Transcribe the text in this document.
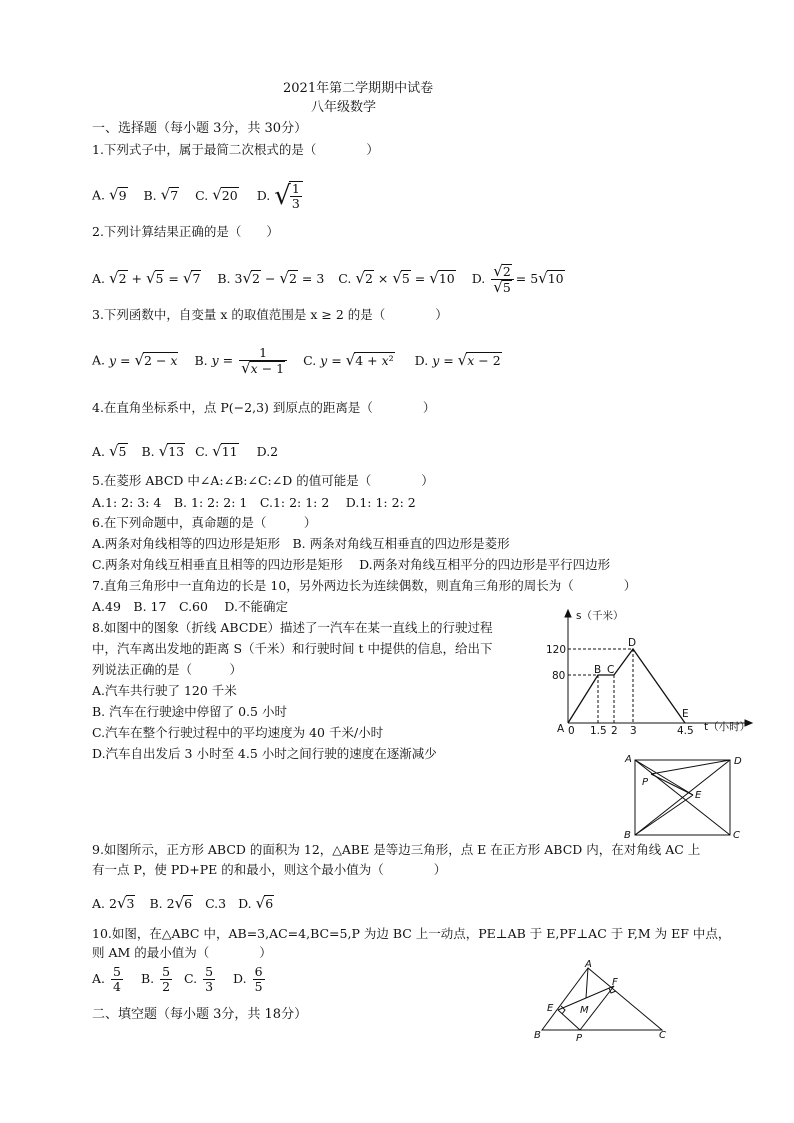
2021年第二学期期中试卷
八年级数学
一、选择题（每小题 3分，共 30分）
1.下列式子中，属于最简二次根式的是（　　　　）
A. √9 B. √7 C. √20 D. √
$\frac{1}{3}$
2.下列计算结果正确的是（　　）
A. √2 + √5 = √7 B. 3√2 − √2 = 3 C. √2 × √5 = √10 D. $\frac{√2}{√5} = 5√10$
3.下列函数中，自变量 x 的取值范围是 x ≥ 2 的是（　　　　）
A. y = √2 − x B. $y = \frac{1}{√x - 1} C$. y = √4 + x² D. y = √x − 2
4.在直角坐标系中，点 P(−2,3) 到原点的距离是（　　　　）
A. √5 B. √13 C. √11 D.2
5.在菱形 ABCD 中∠A:∠B:∠C:∠D 的值可能是（　　　　）
A.1: 2: 3: 4　B. 1: 2: 2: 1　C.1: 2: 1: 2　 D.1: 1: 2: 2
6.在下列命题中，真命题的是（　　　）
A.两条对角线相等的四边形是矩形　B. 两条对角线互相垂直的四边形是菱形
C.两条对角线互相垂直且相等的四边形是矩形　 D.两条对角线互相平分的四边形是平行四边形
7.直角三角形中一直角边的长是 10，另外两边长为连续偶数，则直角三角形的周长为（　　　　）
A.49　B. 17　C.60　 D.不能确定
8.如图中的图象（折线 ABCDE）描述了一汽车在某一直线上的行驶过程
中，汽车离出发地的距离 S（千米）和行驶时间 t 中提供的信息，给出下
列说法正确的是（　　　）
A.汽车共行驶了 120 千米
B. 汽车在行驶途中停留了 0.5 小时
C.汽车在整个行驶过程中的平均速度为 40 千米/小时
D.汽车自出发后 3 小时至 4.5 小时之间行驶的速度在逐渐减少
s（千米）
t（小时）
120
80
0 1.5 2 3	4.5
A
B C
D
E
A	D
B	C
E
P
9.如图所示，正方形 ABCD 的面积为 12，△ABE 是等边三角形，点 E 在正方形 ABCD 内，在对角线 AC 上
有一点 P，使 PD+PE 的和最小，则这个最小值为（　　　　）
A. 2√3 B. 2√6 C.3 D. √6
10.如图，在△ABC 中，AB=3,AC=4,BC=5,P 为边 BC 上一动点，PE⊥AB 于 E,PF⊥AC 于 F,M 为 EF 中点，
则 AM 的最小值为（　　　　）
A. $\frac{5}{4} B$. $\frac{5}{2} C$. $\frac{5}{3} D$. $\frac{6}{5}$
A
B	C
E
F
M
P
二、填空题（每小题 3分，共 18分）
